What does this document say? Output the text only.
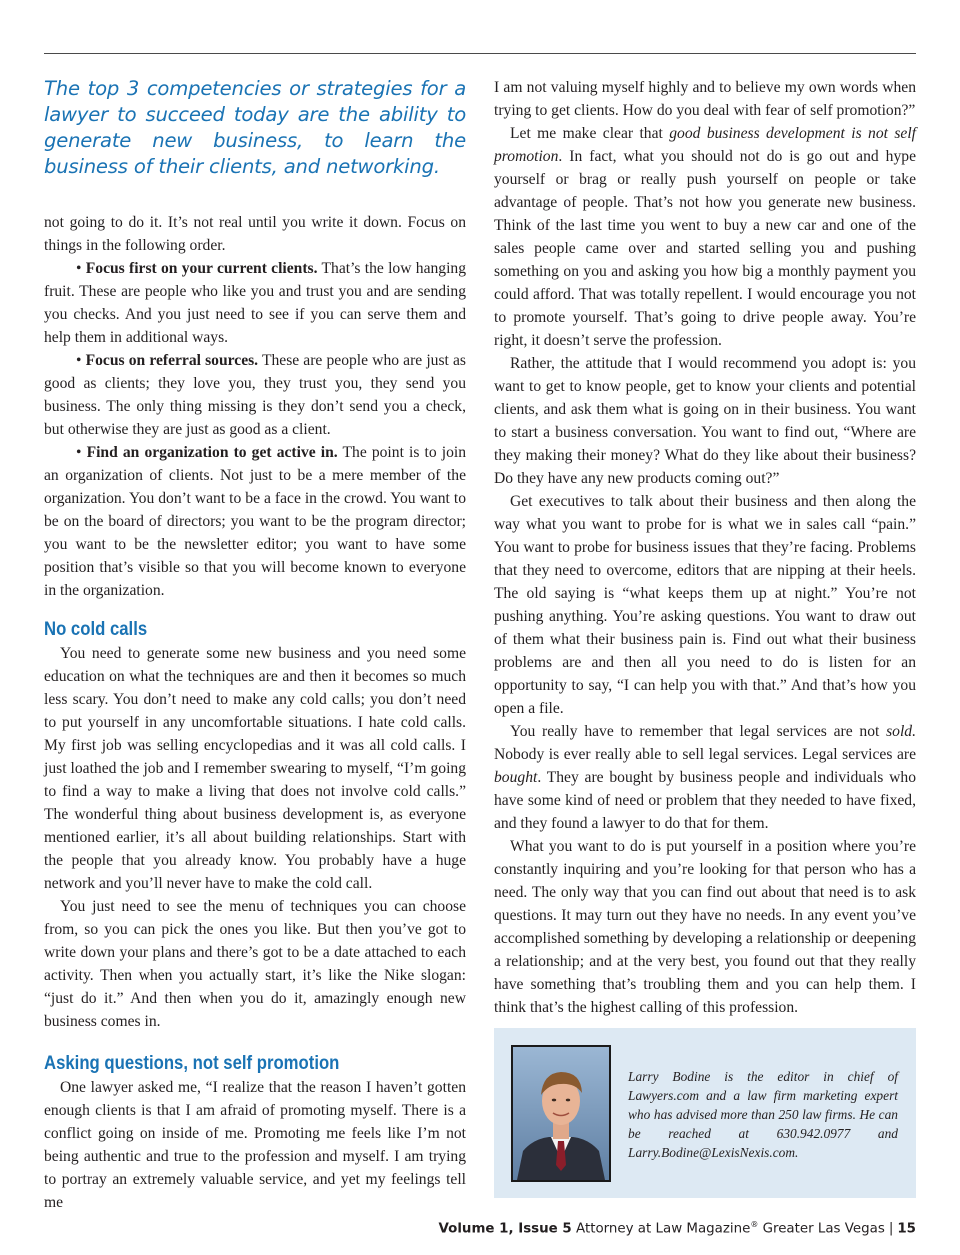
The top 3 competencies or strategies for a lawyer to succeed today are the ability to generate new business, to learn the business of their clients, and networking.

not going to do it. It’s not real until you write it down. Focus on things in the following order.

• Focus first on your current clients. That’s the low hanging fruit. These are people who like you and trust you and are sending you checks. And you just need to see if you can serve them and help them in additional ways.

• Focus on referral sources. These are people who are just as good as clients; they love you, they trust you, they send you business. The only thing missing is they don’t send you a check, but otherwise they are just as good as a client.

• Find an organization to get active in. The point is to join an organization of clients. Not just to be a mere member of the organization. You don’t want to be a face in the crowd. You want to be on the board of directors; you want to be the program director; you want to be the newsletter editor; you want to have some position that’s visible so that you will become known to everyone in the organization.

No cold calls

You need to generate some new business and you need some education on what the techniques are and then it becomes so much less scary. You don’t need to make any cold calls; you don’t need to put yourself in any uncomfortable situations. I hate cold calls. My first job was selling encyclopedias and it was all cold calls. I just loathed the job and I remember swearing to myself, “I’m going to find a way to make a living that does not involve cold calls.” The wonderful thing about business development is, as everyone mentioned earlier, it’s all about building relationships. Start with the people that you already know. You probably have a huge network and you’ll never have to make the cold call.

You just need to see the menu of techniques you can choose from, so you can pick the ones you like. But then you’ve got to write down your plans and there’s got to be a date attached to each activity. Then when you actually start, it’s like the Nike slogan: “just do it.” And then when you do it, amazingly enough new business comes in.

Asking questions, not self promotion

One lawyer asked me, “I realize that the reason I haven’t gotten enough clients is that I am afraid of promoting myself. There is a conflict going on inside of me. Promoting me feels like I’m not being authentic and true to the profession and myself. I am trying to portray an extremely valuable service, and yet my feelings tell me

I am not valuing myself highly and to believe my own words when trying to get clients. How do you deal with fear of self promotion?”

Let me make clear that good business development is not self promotion. In fact, what you should not do is go out and hype yourself or brag or really push yourself on people or take advantage of people. That’s not how you generate new business. Think of the last time you went to buy a new car and one of the sales people came over and started selling you and pushing something on you and asking you how big a monthly payment you could afford. That was totally repellent. I would encourage you not to promote yourself. That’s going to drive people away. You’re right, it doesn’t serve the profession.

Rather, the attitude that I would recommend you adopt is: you want to get to know people, get to know your clients and potential clients, and ask them what is going on in their business. You want to start a business conversation. You want to find out, “Where are they making their money? What do they like about their business? Do they have any new products coming out?”

Get executives to talk about their business and then along the way what you want to probe for is what we in sales call “pain.” You want to probe for business issues that they’re facing. Problems that they need to overcome, editors that are nipping at their heels. The old saying is “what keeps them up at night.” You’re not pushing anything. You’re asking questions. You want to draw out of them what their business pain is. Find out what their business problems are and then all you need to do is listen for an opportunity to say, “I can help you with that.” And that’s how you open a file.

You really have to remember that legal services are not sold. Nobody is ever really able to sell legal services. Legal services are bought. They are bought by business people and individuals who have some kind of need or problem that they needed to have fixed, and they found a lawyer to do that for them.

What you want to do is put yourself in a position where you’re constantly inquiring and you’re looking for that person who has a need. The only way that you can find out about that need is to ask questions. It may turn out they have no needs. In any event you’ve accomplished something by developing a relationship or deepening a relationship; and at the very best, you found out that they really have something that’s troubling them and you can help them. I think that’s the highest calling of this profession.

Larry Bodine is the editor in chief of Lawyers.com and a law firm marketing expert who has advised more than 250 law firms. He can be reached at 630.942.0977 and Larry.Bodine@LexisNexis.com.

Volume 1, Issue 5 Attorney at Law Magazine® Greater Las Vegas | 15
